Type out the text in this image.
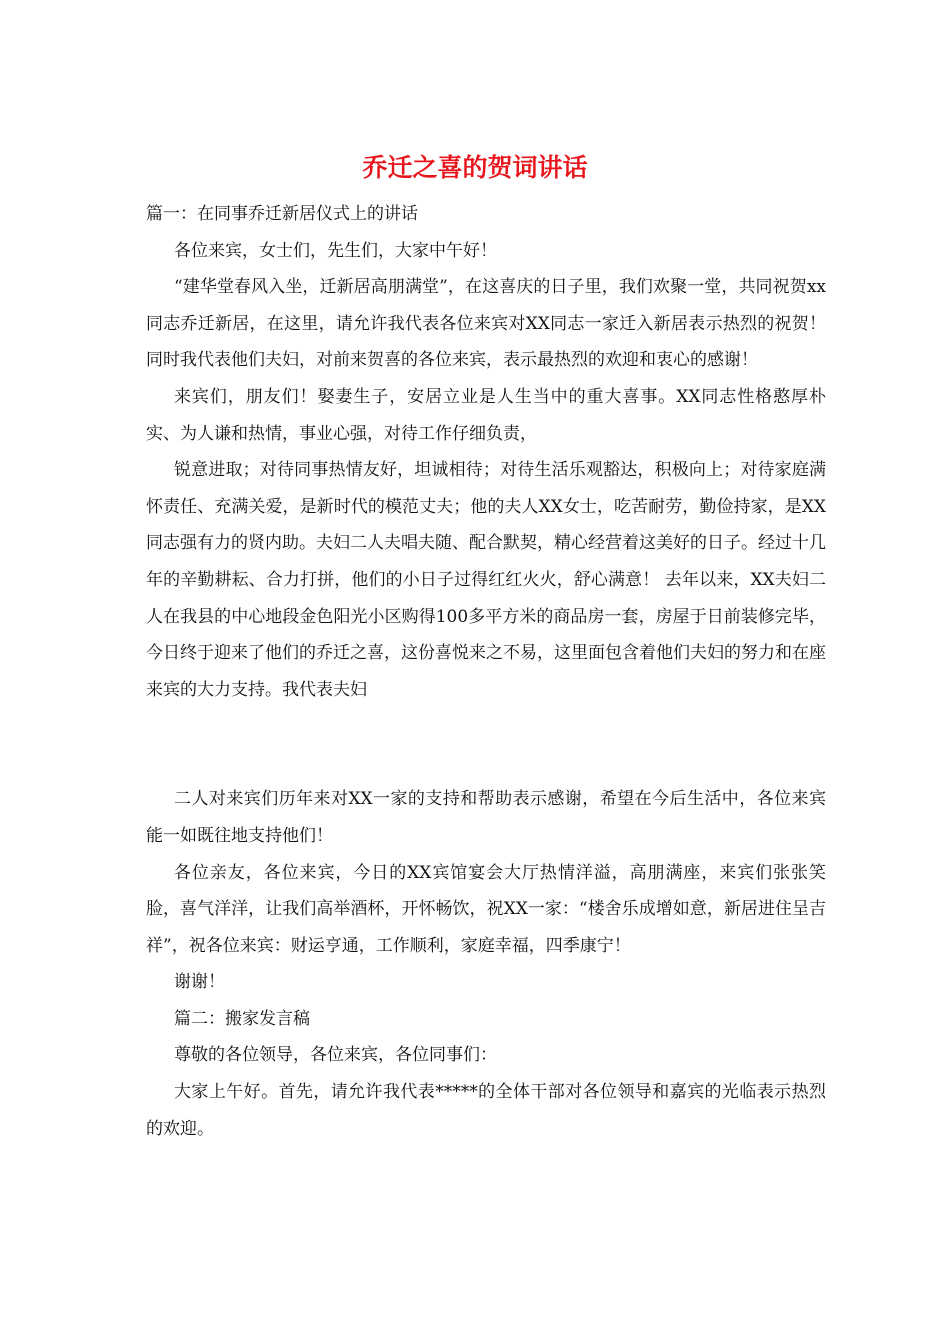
乔迁之喜的贺词讲话

篇一：在同事乔迁新居仪式上的讲话

各位来宾，女士们，先生们，大家中午好！

“建华堂春风入坐，迁新居高朋满堂”，在这喜庆的日子里，我们欢聚一堂，共同祝贺xx同志乔迁新居，在这里，请允许我代表各位来宾对XX同志一家迁入新居表示热烈的祝贺！同时我代表他们夫妇，对前来贺喜的各位来宾，表示最热烈的欢迎和衷心的感谢！

来宾们，朋友们！娶妻生子，安居立业是人生当中的重大喜事。XX同志性格憨厚朴实、为人谦和热情，事业心强，对待工作仔细负责，

锐意进取；对待同事热情友好，坦诚相待；对待生活乐观豁达，积极向上；对待家庭满怀责任、充满关爱，是新时代的模范丈夫；他的夫人XX女士，吃苦耐劳，勤俭持家，是XX同志强有力的贤内助。夫妇二人夫唱夫随、配合默契，精心经营着这美好的日子。经过十几年的辛勤耕耘、合力打拼，他们的小日子过得红红火火，舒心满意！ 去年以来，XX夫妇二人在我县的中心地段金色阳光小区购得100多平方米的商品房一套，房屋于日前装修完毕，今日终于迎来了他们的乔迁之喜，这份喜悦来之不易，这里面包含着他们夫妇的努力和在座来宾的大力支持。我代表夫妇

二人对来宾们历年来对XX一家的支持和帮助表示感谢，希望在今后生活中，各位来宾能一如既往地支持他们！

各位亲友，各位来宾，今日的XX宾馆宴会大厅热情洋溢，高朋满座，来宾们张张笑脸，喜气洋洋，让我们高举酒杯，开怀畅饮，祝XX一家：“楼舍乐成增如意，新居进住呈吉祥”，祝各位来宾：财运亨通，工作顺利，家庭幸福，四季康宁！

谢谢！

篇二：搬家发言稿

尊敬的各位领导，各位来宾，各位同事们：

大家上午好。首先，请允许我代表*****的全体干部对各位领导和嘉宾的光临表示热烈的欢迎。
